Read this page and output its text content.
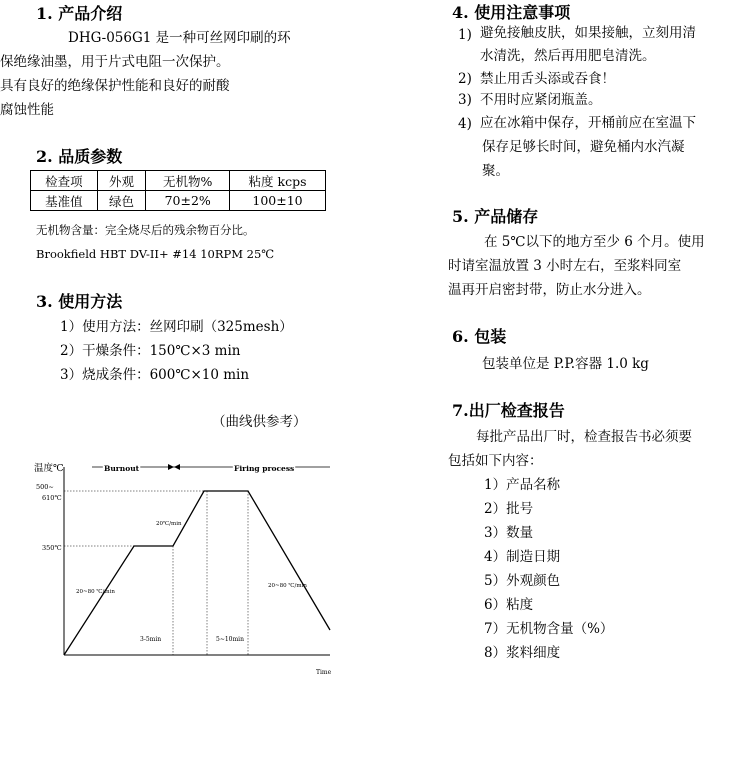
1. 产品介绍
DHG-056G1 是一种可丝网印刷的环
保绝缘油墨，用于片式电阻一次保护。
具有良好的绝缘保护性能和良好的耐酸
腐蚀性能
2. 品质参数
检查项	外观	无机物%	粘度 kcps
基准值	绿色	70±2%	100±10
无机物含量：完全烧尽后的残余物百分比。
Brookfield HBT DV-II+ #14 10RPM 25℃
3. 使用方法
1）使用方法：丝网印刷（325mesh）
2）干燥条件：150℃×3 min
3）烧成条件：600℃×10 min
（曲线供参考）
温度℃
500~
610℃
350℃
Time
Burnout	Firing process
20~80 ℃/min
20℃/min
3-5min	5~10min
20~80 ℃/min
4. 使用注意事项
1) 避免接触皮肤，如果接触，立刻用清
水清洗，然后再用肥皂清洗。
2) 禁止用舌头添或吞食！
3) 不用时应紧闭瓶盖。
4) 应在冰箱中保存，开桶前应在室温下
保存足够长时间，避免桶内水汽凝
聚。
5. 产品储存
在 5℃以下的地方至少 6 个月。使用
时请室温放置 3 小时左右，至浆料同室
温再开启密封带，防止水分进入。
6. 包装
包装单位是 P.P.容器 1.0 kg
7.出厂检查报告
每批产品出厂时，检查报告书必须要
包括如下内容：
1）产品名称
2）批号
3）数量
4）制造日期
5）外观颜色
6）粘度
7）无机物含量（%）
8）浆料细度
